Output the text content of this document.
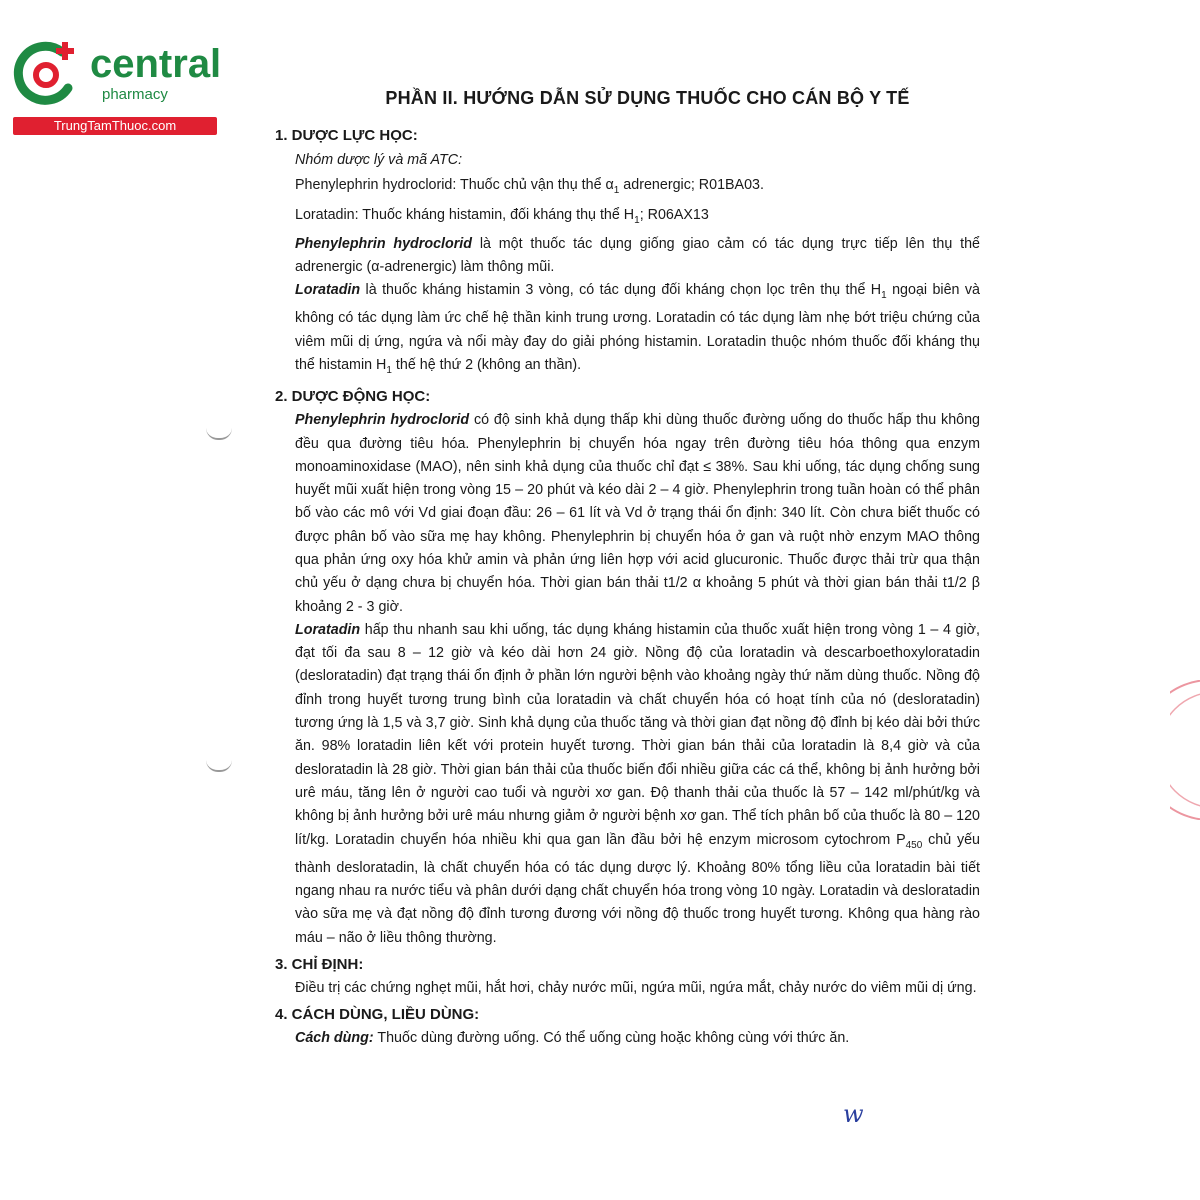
central
pharmacy
TrungTamThuoc.com
PHẦN II. HƯỚNG DẪN SỬ DỤNG THUỐC CHO CÁN BỘ Y TẾ
1. DƯỢC LỰC HỌC:
Nhóm dược lý và mã ATC:
Phenylephrin hydroclorid: Thuốc chủ vận thụ thể $\alpha_1$ adrenergic; R01BA03.
Loratadin: Thuốc kháng histamin, đối kháng thụ thể $H_1$; R06AX13
Phenylephrin hydroclorid là một thuốc tác dụng giống giao cảm có tác dụng trực tiếp lên thụ thể adrenergic (α-adrenergic) làm thông mũi.
Loratadin là thuốc kháng histamin 3 vòng, có tác dụng đối kháng chọn lọc trên thụ thể $H_1$ ngoại biên và không có tác dụng làm ức chế hệ thần kinh trung ương. Loratadin có tác dụng làm nhẹ bớt triệu chứng của viêm mũi dị ứng, ngứa và nổi mày đay do giải phóng histamin. Loratadin thuộc nhóm thuốc đối kháng thụ thể histamin $H_1$ thế hệ thứ 2 (không an thần).
2. DƯỢC ĐỘNG HỌC:
Phenylephrin hydroclorid có độ sinh khả dụng thấp khi dùng thuốc đường uống do thuốc hấp thu không đều qua đường tiêu hóa. Phenylephrin bị chuyển hóa ngay trên đường tiêu hóa thông qua enzym monoaminoxidase (MAO), nên sinh khả dụng của thuốc chỉ đạt ≤ 38%. Sau khi uống, tác dụng chống sung huyết mũi xuất hiện trong vòng 15 – 20 phút và kéo dài 2 – 4 giờ. Phenylephrin trong tuần hoàn có thể phân bố vào các mô với Vd giai đoạn đầu: 26 – 61 lít và Vd ở trạng thái ổn định: 340 lít. Còn chưa biết thuốc có được phân bố vào sữa mẹ hay không. Phenylephrin bị chuyển hóa ở gan và ruột nhờ enzym MAO thông qua phản ứng oxy hóa khử amin và phản ứng liên hợp với acid glucuronic. Thuốc được thải trừ qua thận chủ yếu ở dạng chưa bị chuyển hóa. Thời gian bán thải t1/2 α khoảng 5 phút và thời gian bán thải t1/2 β khoảng 2 - 3 giờ.
Loratadin hấp thu nhanh sau khi uống, tác dụng kháng histamin của thuốc xuất hiện trong vòng 1 – 4 giờ, đạt tối đa sau 8 – 12 giờ và kéo dài hơn 24 giờ. Nồng độ của loratadin và descarboethoxyloratadin (desloratadin) đạt trạng thái ổn định ở phần lớn người bệnh vào khoảng ngày thứ năm dùng thuốc. Nồng độ đỉnh trong huyết tương trung bình của loratadin và chất chuyển hóa có hoạt tính của nó (desloratadin) tương ứng là 1,5 và 3,7 giờ. Sinh khả dụng của thuốc tăng và thời gian đạt nồng độ đỉnh bị kéo dài bởi thức ăn. 98% loratadin liên kết với protein huyết tương. Thời gian bán thải của loratadin là 8,4 giờ và của desloratadin là 28 giờ. Thời gian bán thải của thuốc biến đổi nhiều giữa các cá thể, không bị ảnh hưởng bởi urê máu, tăng lên ở người cao tuổi và người xơ gan. Độ thanh thải của thuốc là 57 – 142 ml/phút/kg và không bị ảnh hưởng bởi urê máu nhưng giảm ở người bệnh xơ gan. Thể tích phân bố của thuốc là 80 – 120 lít/kg. Loratadin chuyển hóa nhiều khi qua gan lần đầu bởi hệ enzym microsom cytochrom $P_{450}$ chủ yếu thành desloratadin, là chất chuyển hóa có tác dụng dược lý. Khoảng 80% tổng liều của loratadin bài tiết ngang nhau ra nước tiểu và phân dưới dạng chất chuyển hóa trong vòng 10 ngày. Loratadin và desloratadin vào sữa mẹ và đạt nồng độ đỉnh tương đương với nồng độ thuốc trong huyết tương. Không qua hàng rào máu – não ở liều thông thường.
3. CHỈ ĐỊNH:
Điều trị các chứng nghẹt mũi, hắt hơi, chảy nước mũi, ngứa mũi, ngứa mắt, chảy nước do viêm mũi dị ứng.
4. CÁCH DÙNG, LIỀU DÙNG:
Cách dùng: Thuốc dùng đường uống. Có thể uống cùng hoặc không cùng với thức ăn.
w
